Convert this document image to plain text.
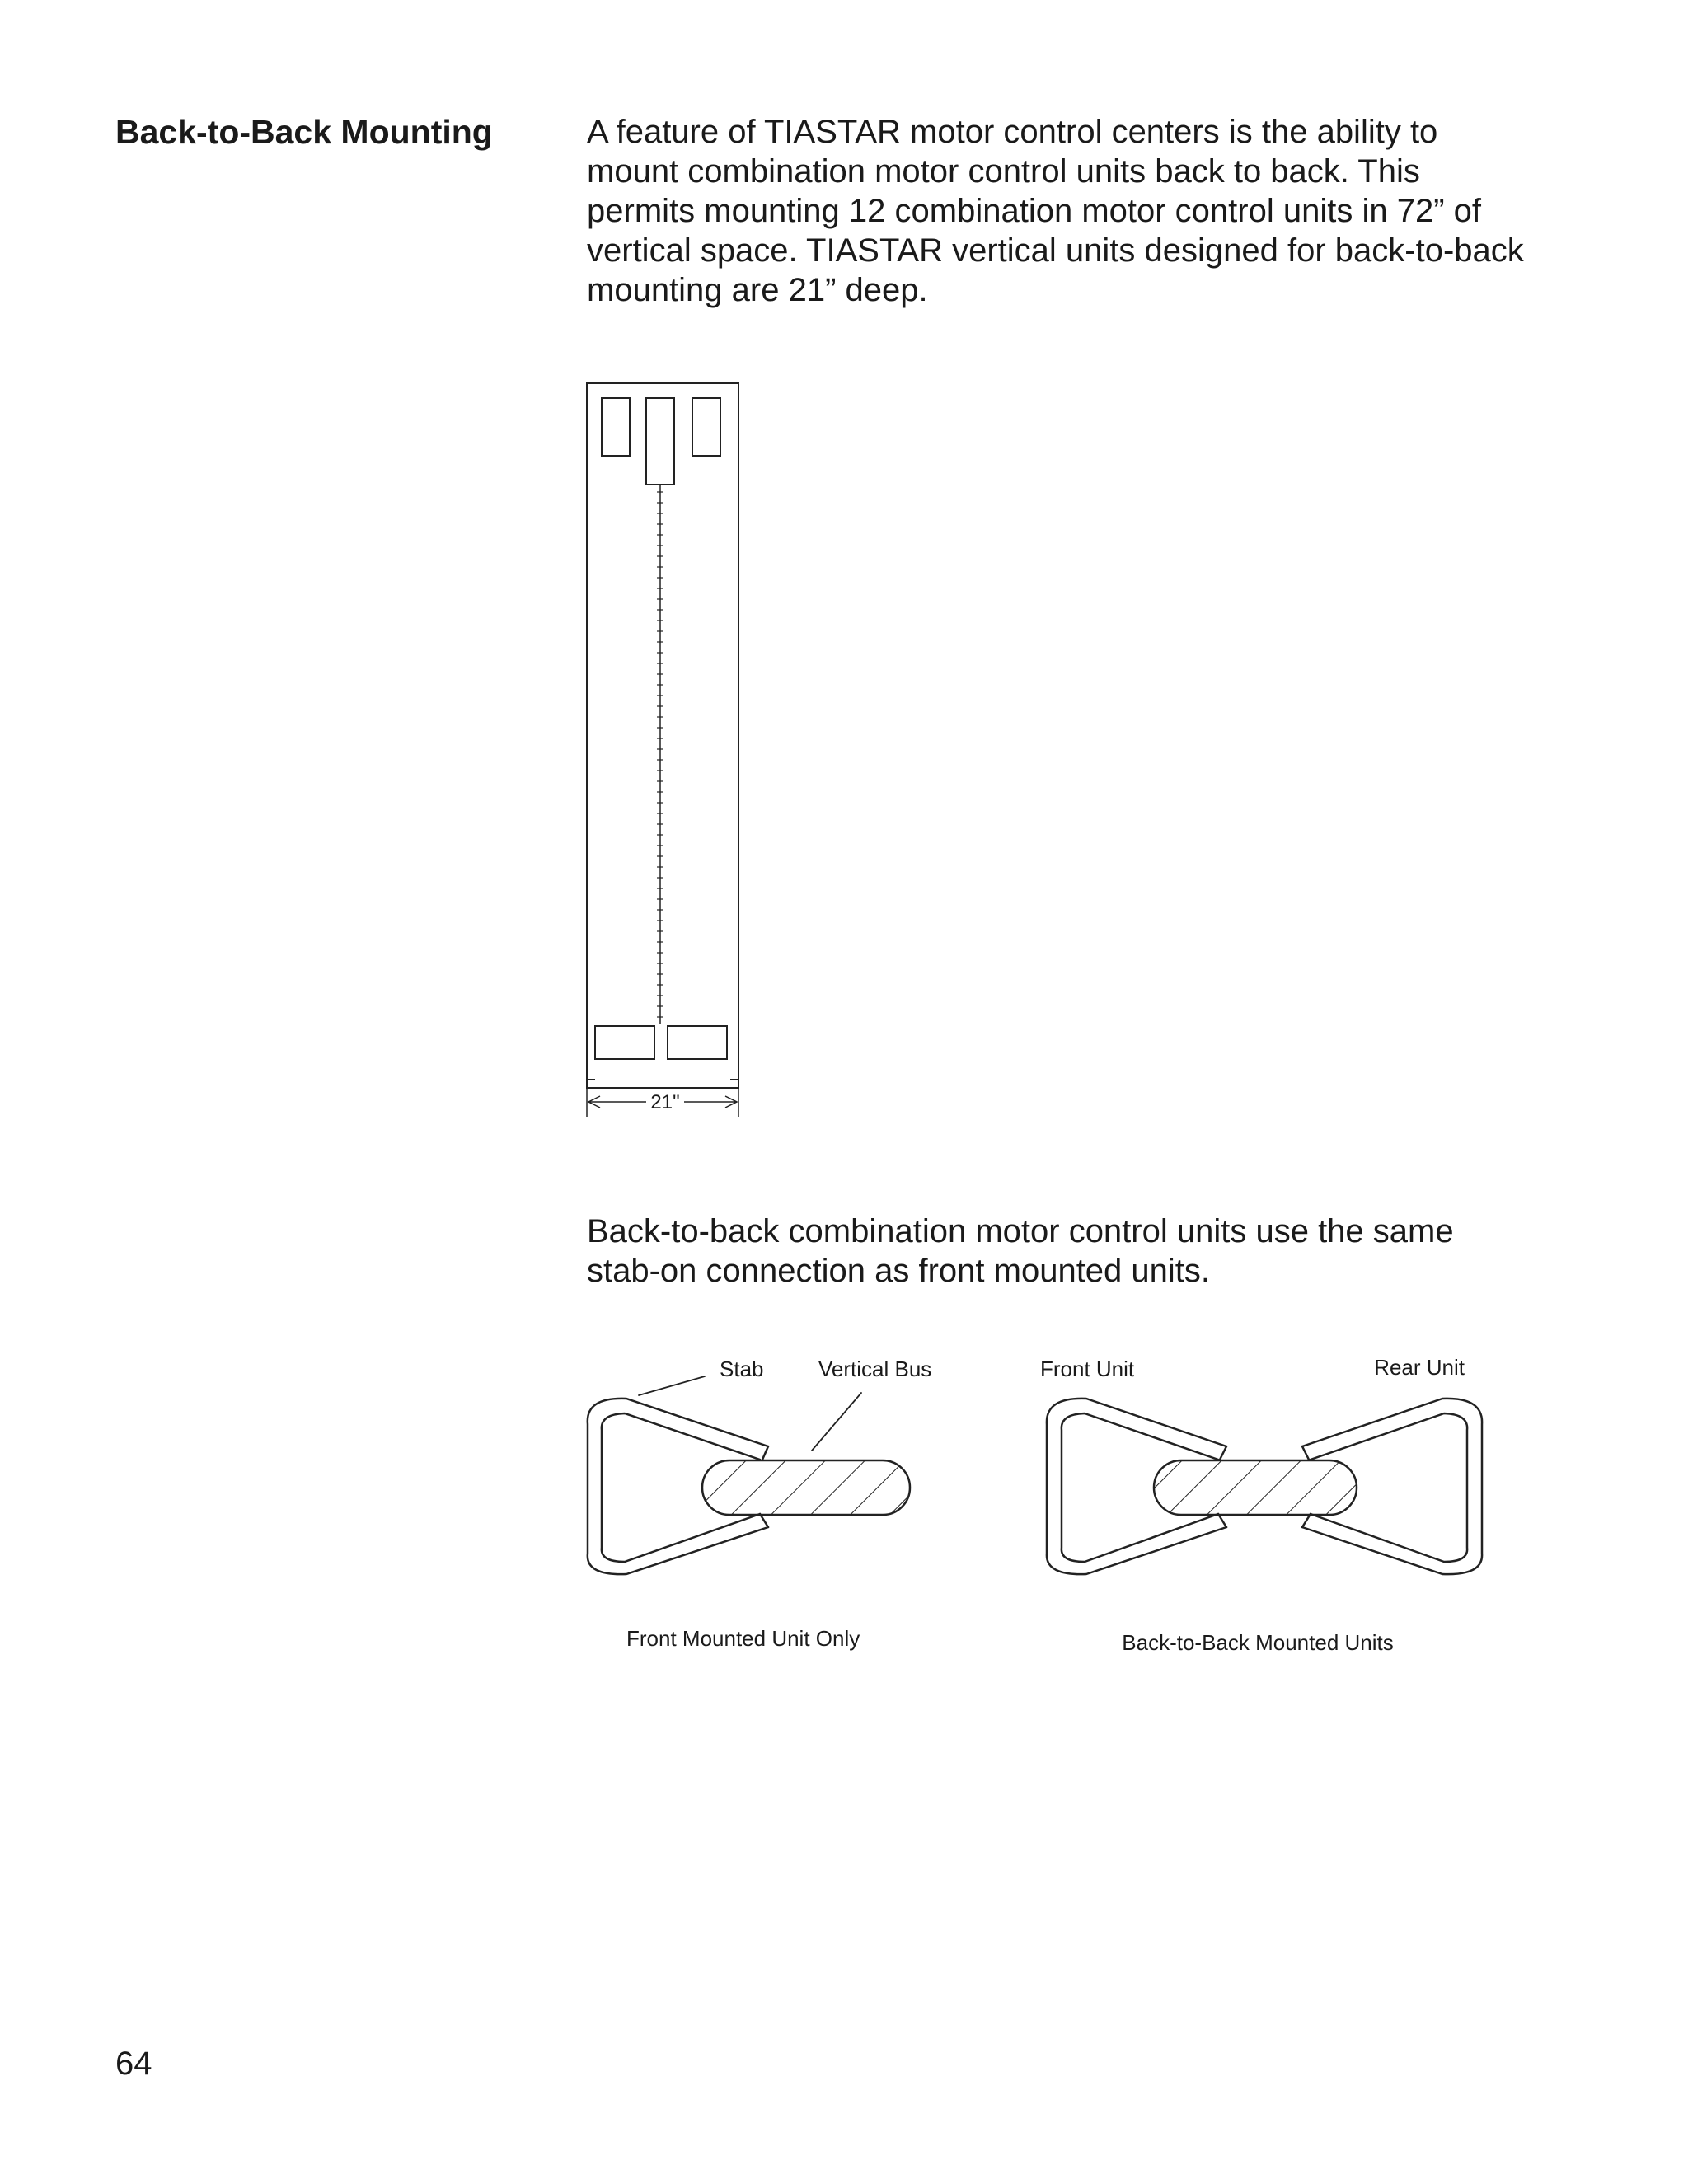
Back-to-Back Mounting	A feature of TIASTAR motor control centers is the ability to mount combination motor control units back to back. This permits mounting 12 combination motor control units in 72” of vertical space. TIASTAR vertical units designed for back-to-back mounting are 21” deep.

21"

Back-to-back combination motor control units use the same stab-on connection as front mounted units.

Stab	Vertical Bus
Front Mounted Unit Only
Front Unit	Rear Unit
Back-to-Back Mounted Units
64
